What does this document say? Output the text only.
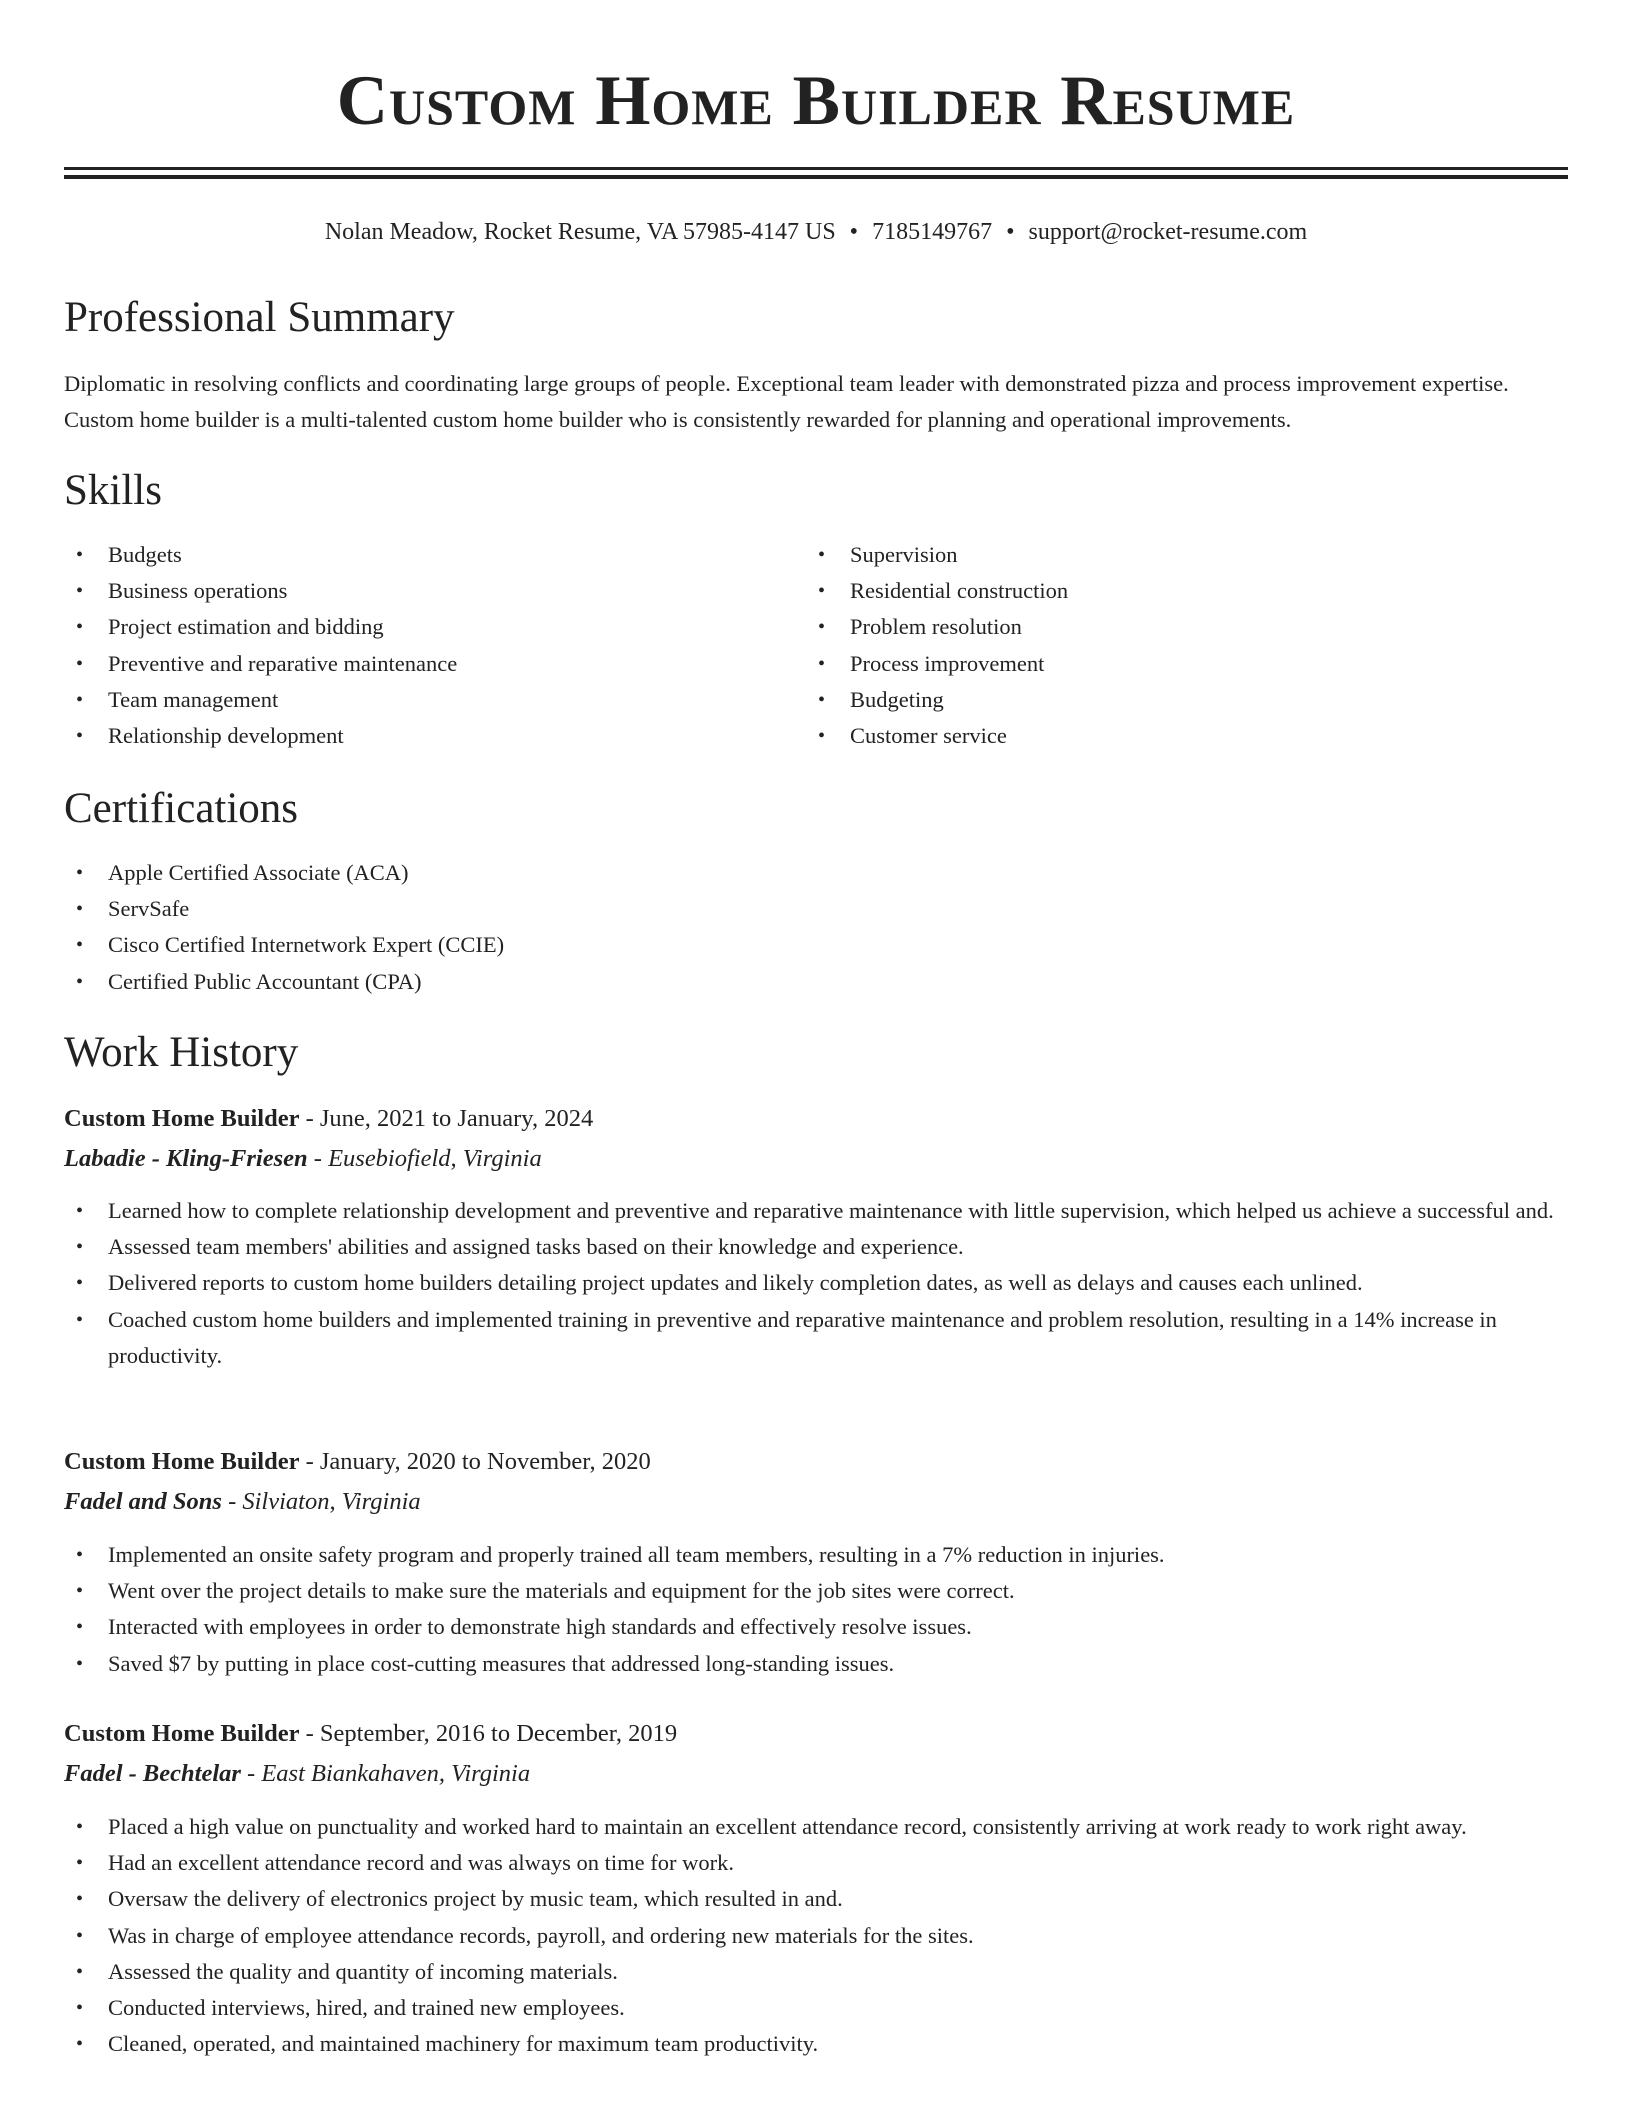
Custom Home Builder Resume
Nolan Meadow, Rocket Resume, VA 57985-4147 US • 7185149767 • support@rocket-resume.com
Professional Summary

Diplomatic in resolving conflicts and coordinating large groups of people. Exceptional team leader with demonstrated pizza and process improvement expertise. Custom home builder is a multi-talented custom home builder who is consistently rewarded for planning and operational improvements.

Skills
• Budgets
• Business operations
• Project estimation and bidding
• Preventive and reparative maintenance
• Team management
• Relationship development
• Supervision
• Residential construction
• Problem resolution
• Process improvement
• Budgeting
• Customer service
Certifications
• Apple Certified Associate (ACA)
• ServSafe
• Cisco Certified Internetwork Expert (CCIE)
• Certified Public Accountant (CPA)
Work History
Custom Home Builder - June, 2021 to January, 2024
Labadie - Kling-Friesen - Eusebiofield, Virginia
• Learned how to complete relationship development and preventive and reparative maintenance with little supervision, which helped us achieve a successful and.
• Assessed team members' abilities and assigned tasks based on their knowledge and experience.
• Delivered reports to custom home builders detailing project updates and likely completion dates, as well as delays and causes each unlined.
• Coached custom home builders and implemented training in preventive and reparative maintenance and problem resolution, resulting in a 14% increase in productivity.
Custom Home Builder - January, 2020 to November, 2020
Fadel and Sons - Silviaton, Virginia
• Implemented an onsite safety program and properly trained all team members, resulting in a 7% reduction in injuries.
• Went over the project details to make sure the materials and equipment for the job sites were correct.
• Interacted with employees in order to demonstrate high standards and effectively resolve issues.
• Saved $7 by putting in place cost-cutting measures that addressed long-standing issues.
Custom Home Builder - September, 2016 to December, 2019
Fadel - Bechtelar - East Biankahaven, Virginia
• Placed a high value on punctuality and worked hard to maintain an excellent attendance record, consistently arriving at work ready to work right away.
• Had an excellent attendance record and was always on time for work.
• Oversaw the delivery of electronics project by music team, which resulted in and.
• Was in charge of employee attendance records, payroll, and ordering new materials for the sites.
• Assessed the quality and quantity of incoming materials.
• Conducted interviews, hired, and trained new employees.
• Cleaned, operated, and maintained machinery for maximum team productivity.
